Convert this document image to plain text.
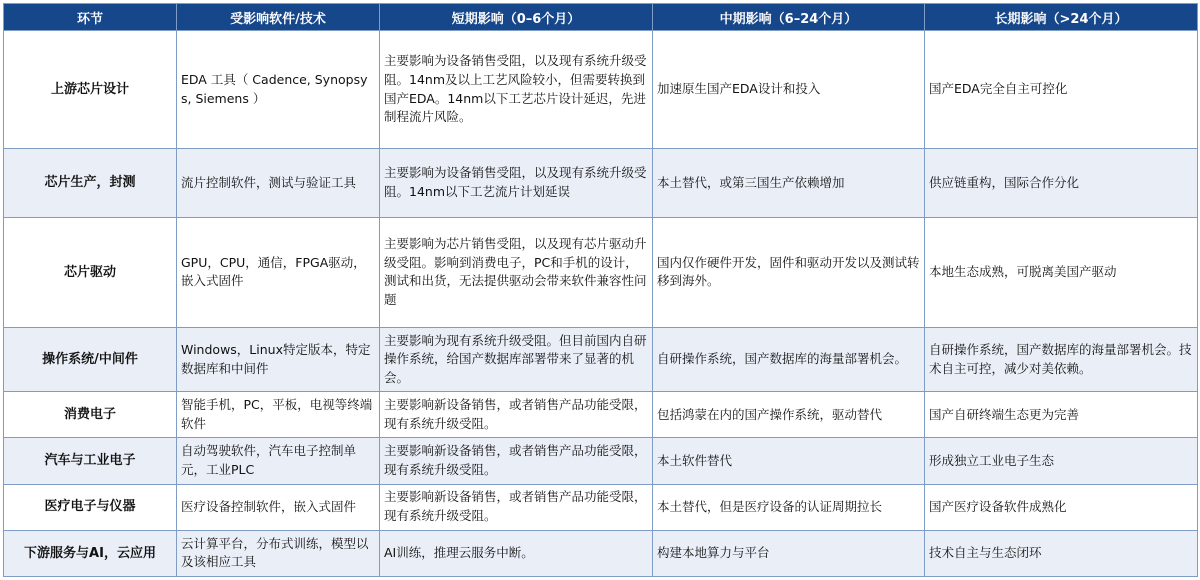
环节	受影响软件/技术	短期影响（0–6个月）	中期影响（6–24个月）	长期影响（>24个月）
上游芯片设计	EDA 工具（ Cadence, Synopsys, Siemens ）	主要影响为设备销售受阻，以及现有系统升级受阻。14nm及以上工艺风险较小，但需要转换到国产EDA。14nm以下工艺芯片设计延迟，先进制程流片风险。	加速原生国产EDA设计和投入	国产EDA完全自主可控化
芯片生产，封测	流片控制软件，测试与验证工具	主要影响为设备销售受阻，以及现有系统升级受阻。14nm以下工艺流片计划延误	本土替代，或第三国生产依赖增加	供应链重构，国际合作分化
芯片驱动	GPU，CPU，通信，FPGA驱动，嵌入式固件	主要影响为芯片销售受阻，以及现有芯片驱动升级受阻。影响到消费电子，PC和手机的设计，测试和出货，无法提供驱动会带来软件兼容性问题	国内仅作硬件开发，固件和驱动开发以及测试转移到海外。	本地生态成熟，可脱离美国产驱动
操作系统/中间件	Windows，Linux特定版本，特定数据库和中间件	主要影响为现有系统升级受阻。但目前国内自研操作系统，给国产数据库部署带来了显著的机会。	自研操作系统，国产数据库的海量部署机会。	自研操作系统，国产数据库的海量部署机会。技术自主可控，减少对美依赖。
消费电子	智能手机，PC，平板，电视等终端软件	主要影响新设备销售，或者销售产品功能受限，现有系统升级受阻。	包括鸿蒙在内的国产操作系统，驱动替代	国产自研终端生态更为完善
汽车与工业电子	自动驾驶软件，汽车电子控制单元，工业PLC	主要影响新设备销售，或者销售产品功能受限，现有系统升级受阻。	本土软件替代	形成独立工业电子生态
医疗电子与仪器	医疗设备控制软件，嵌入式固件	主要影响新设备销售，或者销售产品功能受限，现有系统升级受阻。	本土替代，但是医疗设备的认证周期拉长	国产医疗设备软件成熟化
下游服务与AI，云应用	云计算平台，分布式训练，模型以及该相应工具	AI训练，推理云服务中断。	构建本地算力与平台	技术自主与生态闭环
